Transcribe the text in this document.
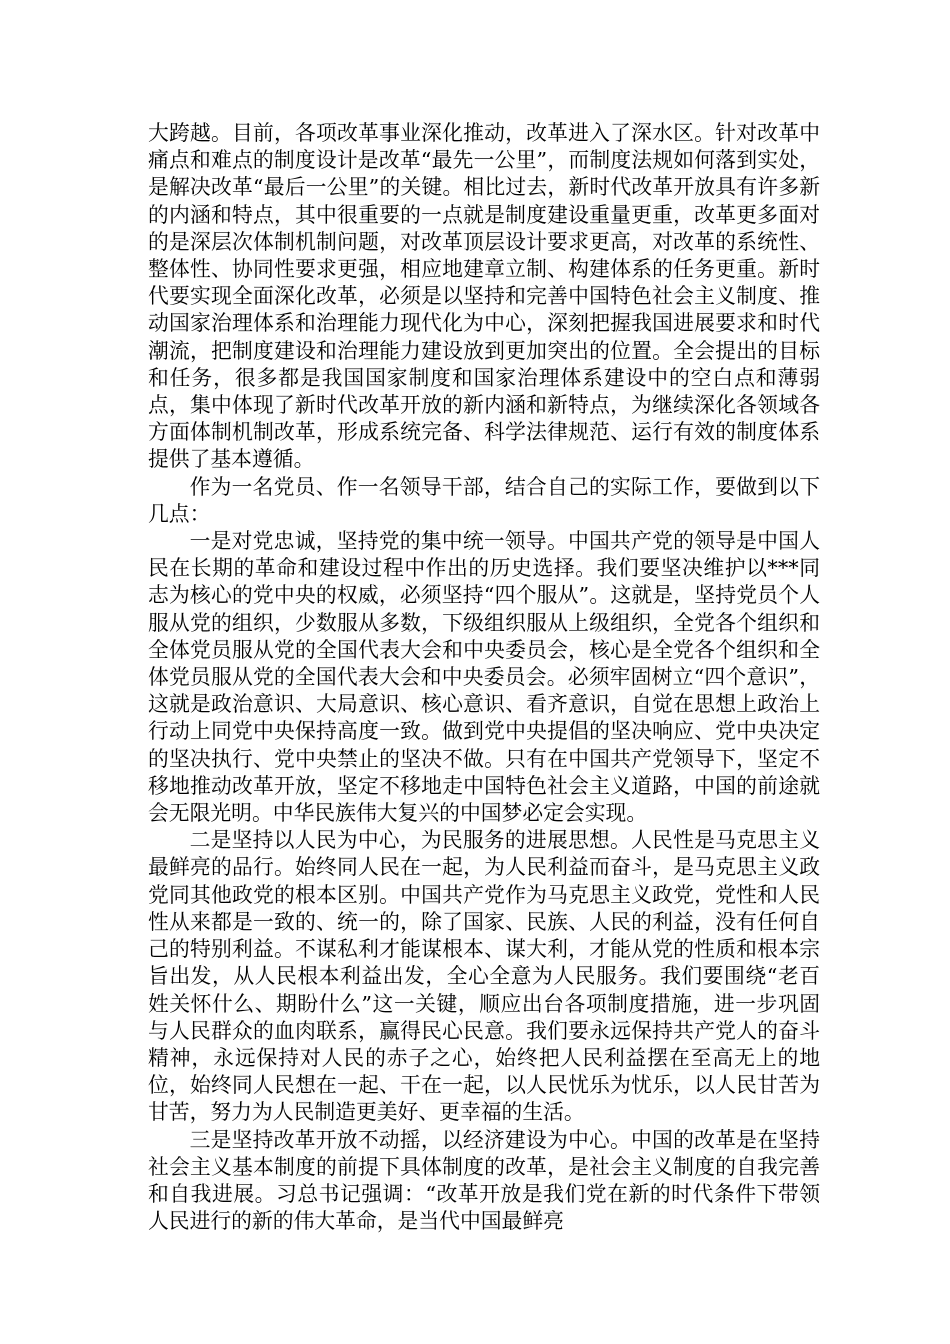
大跨越。目前，各项改革事业深化推动，改革进入了深水区。针对改革中痛点和难点的制度设计是改革“最先一公里”，而制度法规如何落到实处，是解决改革“最后一公里”的关键。相比过去，新时代改革开放具有许多新的内涵和特点，其中很重要的一点就是制度建设重量更重，改革更多面对的是深层次体制机制问题，对改革顶层设计要求更高，对改革的系统性、整体性、协同性要求更强，相应地建章立制、构建体系的任务更重。新时代要实现全面深化改革，必须是以坚持和完善中国特色社会主义制度、推动国家治理体系和治理能力现代化为中心，深刻把握我国进展要求和时代潮流，把制度建设和治理能力建设放到更加突出的位置。全会提出的目标和任务，很多都是我国国家制度和国家治理体系建设中的空白点和薄弱点，集中体现了新时代改革开放的新内涵和新特点，为继续深化各领域各方面体制机制改革，形成系统完备、科学法律规范、运行有效的制度体系提供了基本遵循。

作为一名党员、作一名领导干部，结合自己的实际工作，要做到以下几点：

一是对党忠诚，坚持党的集中统一领导。中国共产党的领导是中国人民在长期的革命和建设过程中作出的历史选择。我们要坚决维护以***同志为核心的党中央的权威，必须坚持“四个服从”。这就是，坚持党员个人服从党的组织，少数服从多数，下级组织服从上级组织，全党各个组织和全体党员服从党的全国代表大会和中央委员会，核心是全党各个组织和全体党员服从党的全国代表大会和中央委员会。必须牢固树立“四个意识”，这就是政治意识、大局意识、核心意识、看齐意识，自觉在思想上政治上行动上同党中央保持高度一致。做到党中央提倡的坚决响应、党中央决定的坚决执行、党中央禁止的坚决不做。只有在中国共产党领导下，坚定不移地推动改革开放，坚定不移地走中国特色社会主义道路，中国的前途就会无限光明。中华民族伟大复兴的中国梦必定会实现。

二是坚持以人民为中心，为民服务的进展思想。人民性是马克思主义最鲜亮的品行。始终同人民在一起，为人民利益而奋斗，是马克思主义政党同其他政党的根本区别。中国共产党作为马克思主义政党，党性和人民性从来都是一致的、统一的，除了国家、民族、人民的利益，没有任何自己的特别利益。不谋私利才能谋根本、谋大利，才能从党的性质和根本宗旨出发，从人民根本利益出发，全心全意为人民服务。我们要围绕“老百姓关怀什么、期盼什么”这一关键，顺应出台各项制度措施，进一步巩固与人民群众的血肉联系，赢得民心民意。我们要永远保持共产党人的奋斗精神，永远保持对人民的赤子之心，始终把人民利益摆在至高无上的地位，始终同人民想在一起、干在一起，以人民忧乐为忧乐，以人民甘苦为甘苦，努力为人民制造更美好、更幸福的生活。

三是坚持改革开放不动摇，以经济建设为中心。中国的改革是在坚持社会主义基本制度的前提下具体制度的改革，是社会主义制度的自我完善和自我进展。习总书记强调：“改革开放是我们党在新的时代条件下带领人民进行的新的伟大革命，是当代中国最鲜亮
